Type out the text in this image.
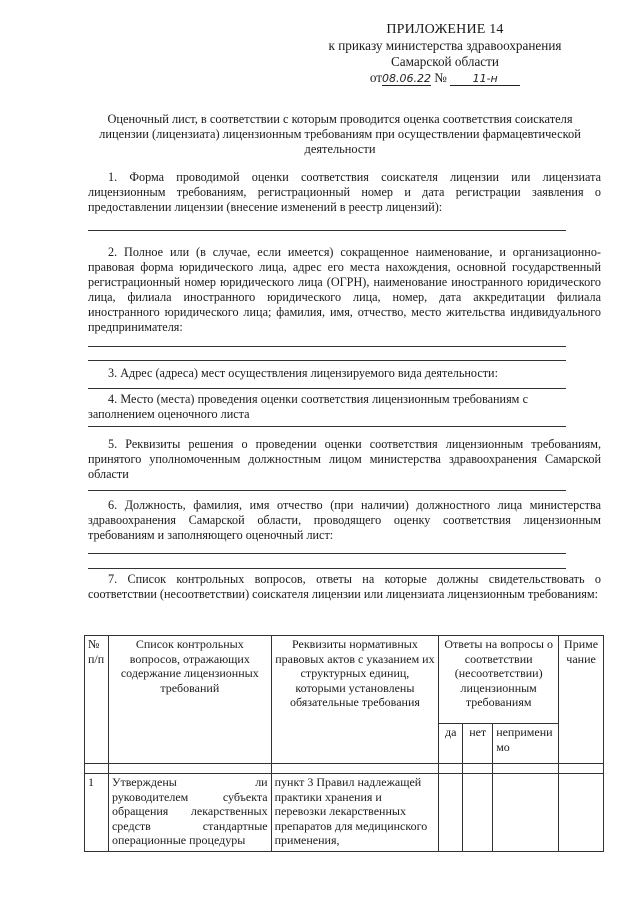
ПРИЛОЖЕНИЕ 14
к приказу министерства здравоохранения
Самарской области
от08.06.22 № 11-н
Оценочный лист, в соответствии с которым проводится оценка соответствия соискателя лицензии (лицензиата) лицензионным требованиям при осуществлении фармацевтической деятельности
1. Форма проводимой оценки соответствия соискателя лицензии или лицензиата лицензионным требованиям, регистрационный номер и дата регистрации заявления о предоставлении лицензии (внесение изменений в реестр лицензий):
2. Полное или (в случае, если имеется) сокращенное наименование, и организационно-правовая форма юридического лица, адрес его места нахождения, основной государственный регистрационный номер юридического лица (ОГРН), наименование иностранного юридического лица, филиала иностранного юридического лица, номер, дата аккредитации филиала иностранного юридического лица; фамилия, имя, отчество, место жительства индивидуального предпринимателя:
3. Адрес (адреса) мест осуществления лицензируемого вида деятельности:
4. Место (места) проведения оценки соответствия лицензионным требованиям с заполнением оценочного листа
5. Реквизиты решения о проведении оценки соответствия лицензионным требованиям, принятого уполномоченным должностным лицом министерства здравоохранения Самарской области
6. Должность, фамилия, имя отчество (при наличии) должностного лица министерства здравоохранения Самарской области, проводящего оценку соответствия лицензионным требованиям и заполняющего оценочный лист:
7. Список контрольных вопросов, ответы на которые должны свидетельствовать о соответствии (несоответствии) соискателя лицензии или лицензиата лицензионным требованиям:
№ п/п	Список контрольных вопросов, отражающих содержание лицензионных требований	Реквизиты нормативных правовых актов с указанием их структурных единиц, которыми установлены обязательные требования	Ответы на вопросы о соответствии (несоответствии) лицензионным требованиям			Примечание
			да	нет	неприменимо	

1	Утверждены ли руководителем субъекта обращения лекарственных средств стандартные операционные процедуры	пункт 3 Правил надлежащей практики хранения и перевозки лекарственных препаратов для медицинского применения,				
